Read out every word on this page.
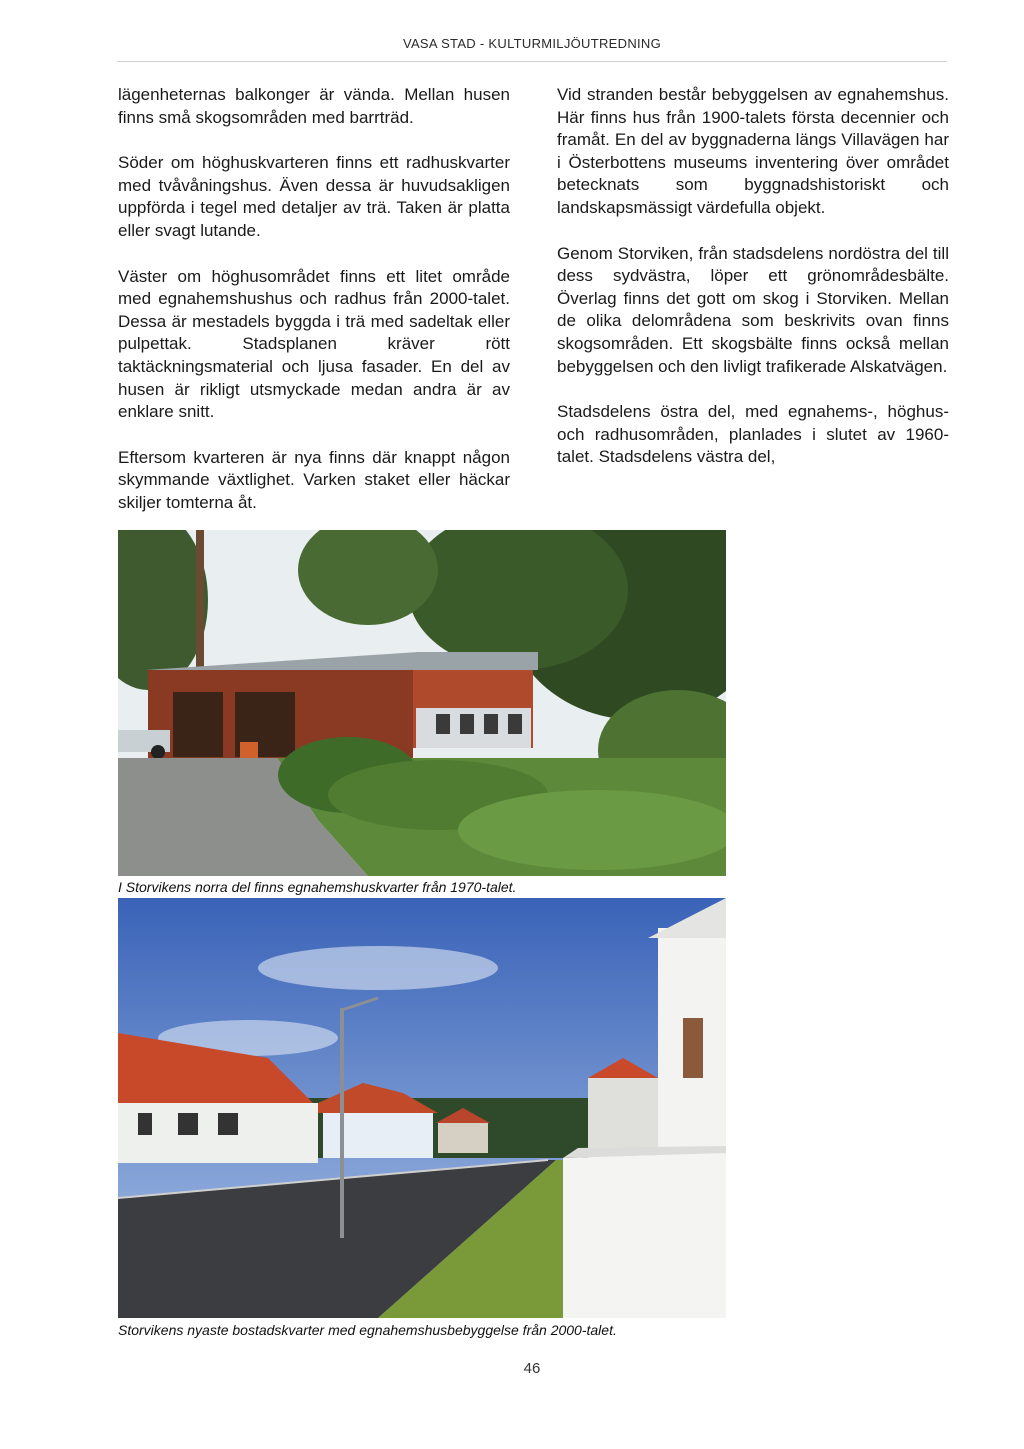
VASA STAD - KULTURMILJÖUTREDNING

lägenheternas balkonger är vända. Mellan husen finns små skogsområden med barrträd.

Söder om höghuskvarteren finns ett radhuskvarter med tvåvåningshus. Även dessa är huvudsakligen uppförda i tegel med detaljer av trä. Taken är platta eller svagt lutande.

Väster om höghusområdet finns ett litet område med egnahemshushus och radhus från 2000-talet. Dessa är mestadels byggda i trä med sadeltak eller pulpettak. Stadsplanen kräver rött taktäckningsmaterial och ljusa fasader. En del av husen är rikligt utsmyckade medan andra är av enklare snitt.

Eftersom kvarteren är nya finns där knappt någon skymmande växtlighet. Varken staket eller häckar skiljer tomterna åt.

Vid stranden består bebyggelsen av egnahemshus. Här finns hus från 1900-talets första decennier och framåt. En del av byggnaderna längs Villavägen har i Österbottens museums inventering över området betecknats som byggnadshistoriskt och landskapsmässigt värdefulla objekt.

Genom Storviken, från stadsdelens nordöstra del till dess sydvästra, löper ett grönområdesbälte. Överlag finns det gott om skog i Storviken. Mellan de olika delområdena som beskrivits ovan finns skogsområden. Ett skogsbälte finns också mellan bebyggelsen och den livligt trafikerade Alskatvägen.

Stadsdelens östra del, med egnahems-, höghus- och radhusområden, planlades i slutet av 1960-talet. Stadsdelens västra del,

I Storvikens norra del finns egnahemshuskvarter från 1970-talet.
Storvikens nyaste bostadskvarter med egnahemshusbebyggelse från 2000-talet.
46
